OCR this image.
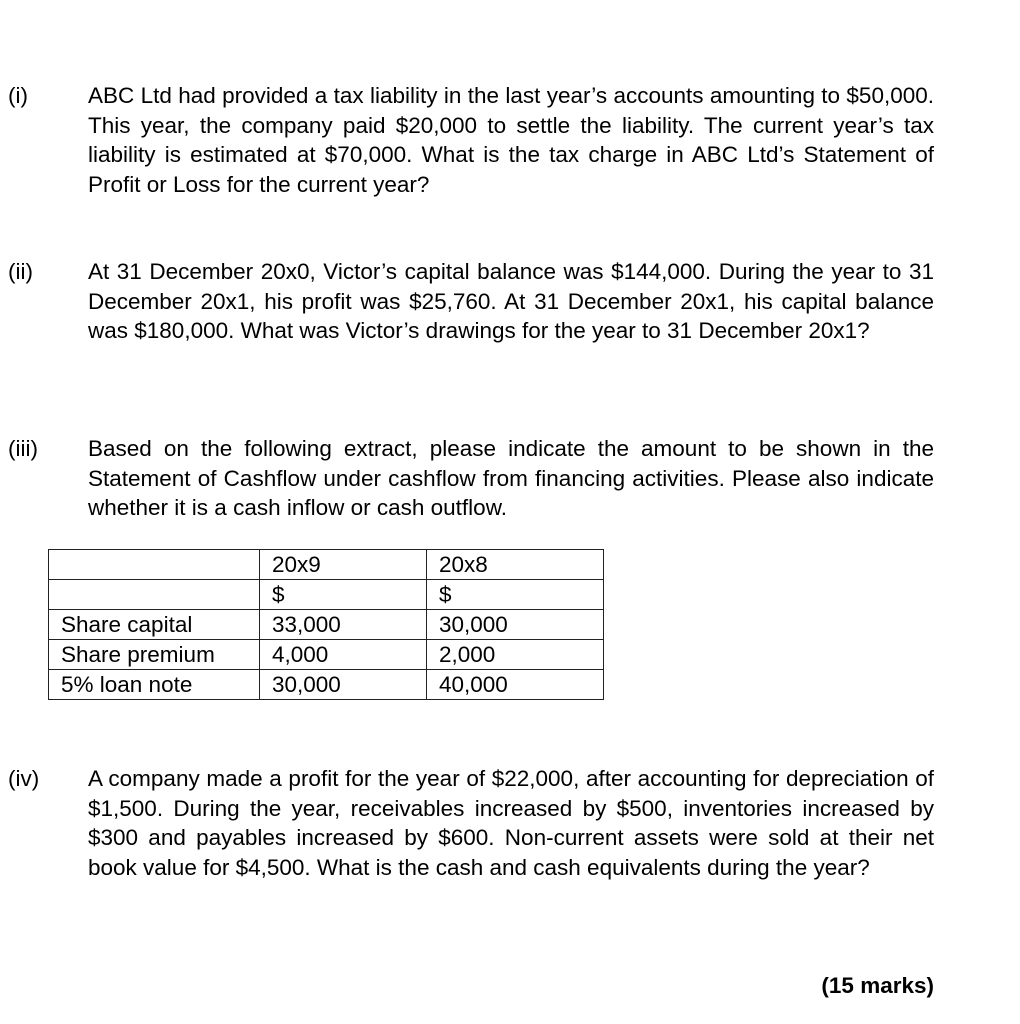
(i)	ABC Ltd had provided a tax liability in the last year’s accounts amounting to $50,000. This year, the company paid $20,000 to settle the liability. The current year’s tax liability is estimated at $70,000. What is the tax charge in ABC Ltd’s Statement of Profit or Loss for the current year?
(ii) At 31 December 20x0, Victor’s capital balance was $144,000. During the year to 31 December 20x1, his profit was $25,760. At 31 December 20x1, his capital balance was $180,000. What was Victor’s drawings for the year to 31 December 20x1?
(iii) Based on the following extract, please indicate the amount to be shown in the Statement of Cashflow under cashflow from financing activities. Please also indicate whether it is a cash inflow or cash outflow.
	20x9	20x8
	$	$
Share capital	33,000	30,000
Share premium	4,000	2,000
5% loan note	30,000	40,000
(iv) A company made a profit for the year of $22,000, after accounting for depreciation of $1,500. During the year, receivables increased by $500, inventories increased by $300 and payables increased by $600. Non-current assets were sold at their net book value for $4,500. What is the cash and cash equivalents during the year?
(15 marks)
